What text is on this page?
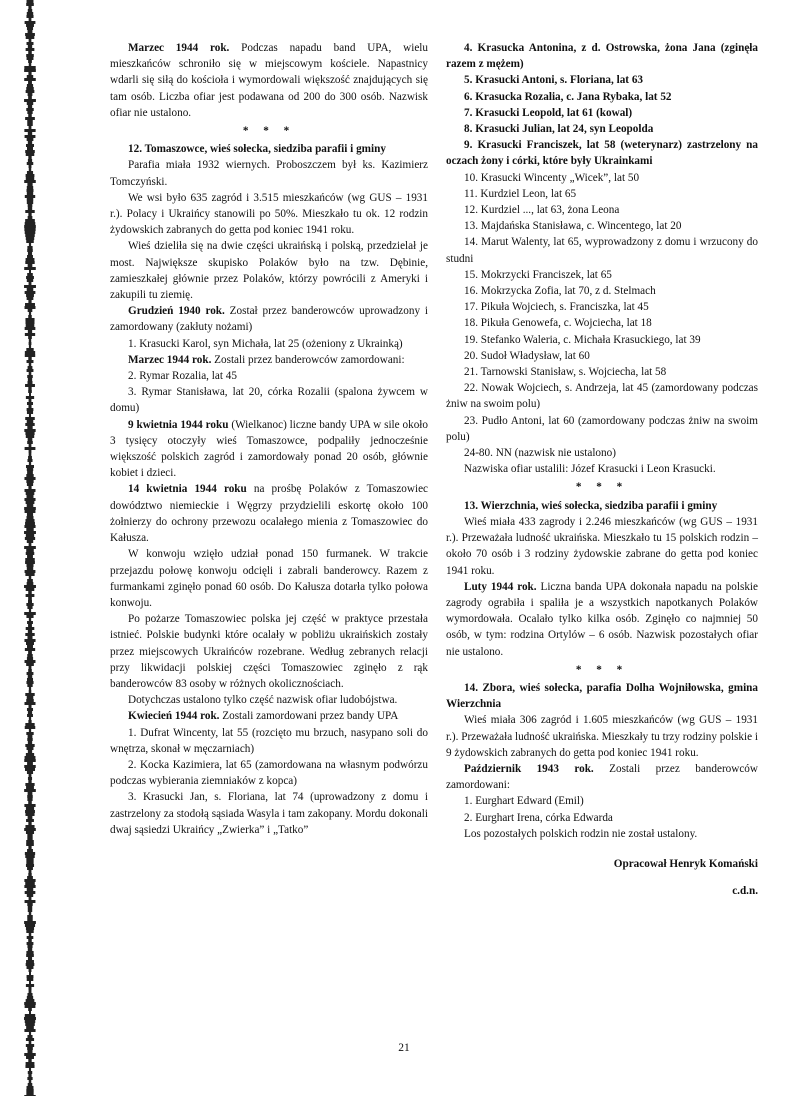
Marzec 1944 rok. Podczas napadu band UPA, wielu mieszkańców schroniło się w miejscowym kościele. Napastnicy wdarli się siłą do kościoła i wymordowali większość znajdujących się tam osób. Liczba ofiar jest podawana od 200 do 300 osób. Nazwisk ofiar nie ustalono.

* * *

12. Tomaszowce, wieś sołecka, siedziba parafii i gminy

Parafia miała 1932 wiernych. Proboszczem był ks. Kazimierz Tomczyński.

We wsi było 635 zagród i 3.515 mieszkańców (wg GUS – 1931 r.). Polacy i Ukraińcy stanowili po 50%. Mieszkało tu ok. 12 rodzin żydowskich zabranych do getta pod koniec 1941 roku.

Wieś dzieliła się na dwie części ukraińską i polską, przedzielał je most. Największe skupisko Polaków było na tzw. Dębinie, zamieszkałej głównie przez Polaków, którzy powrócili z Ameryki i zakupili tu ziemię.

Grudzień 1940 rok. Został przez banderowców uprowadzony i zamordowany (zakłuty nożami)

1. Krasucki Karol, syn Michała, lat 25 (ożeniony z Ukrainką)

Marzec 1944 rok. Zostali przez banderowców zamordowani:

2. Rymar Rozalia, lat 45

3. Rymar Stanisława, lat 20, córka Rozalii (spalona żywcem w domu)

9 kwietnia 1944 roku (Wielkanoc) liczne bandy UPA w sile około 3 tysięcy otoczyły wieś Tomaszowce, podpaliły jednocześnie większość polskich zagród i zamordowały ponad 20 osób, głównie kobiet i dzieci.

14 kwietnia 1944 roku na prośbę Polaków z Tomaszowiec dowództwo niemieckie i Węgrzy przydzielili eskortę około 100 żołnierzy do ochrony przewozu ocalałego mienia z Tomaszowiec do Kałusza.

W konwoju wzięło udział ponad 150 furmanek. W trakcie przejazdu połowę konwoju odcięli i zabrali banderowcy. Razem z furmankami zginęło ponad 60 osób. Do Kałusza dotarła tylko połowa konwoju.

Po pożarze Tomaszowiec polska jej część w praktyce przestała istnieć. Polskie budynki które ocalały w pobliżu ukraińskich zostały przez miejscowych Ukraińców rozebrane. Według zebranych relacji przy likwidacji polskiej części Tomaszowiec zginęło z rąk banderowców 83 osoby w różnych okolicznościach.

Dotychczas ustalono tylko część nazwisk ofiar ludobójstwa.

Kwiecień 1944 rok. Zostali zamordowani przez bandy UPA

1. Dufrat Wincenty, lat 55 (rozcięto mu brzuch, nasypano soli do wnętrza, skonał w męczarniach)

2. Kocka Kazimiera, lat 65 (zamordowana na własnym podwórzu podczas wybierania ziemniaków z kopca)

3. Krasucki Jan, s. Floriana, lat 74 (uprowadzony z domu i zastrzelony za stodołą sąsiada Wasyla i tam zakopany. Mordu dokonali dwaj sąsiedzi Ukraińcy „Zwierka” i „Tatko”

4. Krasucka Antonina, z d. Ostrowska, żona Jana (zginęła razem z mężem)

5. Krasucki Antoni, s. Floriana, lat 63

6. Krasucka Rozalia, c. Jana Rybaka, lat 52

7. Krasucki Leopold, lat 61 (kowal)

8. Krasucki Julian, lat 24, syn Leopolda

9. Krasucki Franciszek, lat 58 (weterynarz) zastrzelony na oczach żony i córki, które były Ukrainkami

10. Krasucki Wincenty „Wicek”, lat 50

11. Kurdziel Leon, lat 65

12. Kurdziel ..., lat 63, żona Leona

13. Majdańska Stanisława, c. Wincentego, lat 20

14. Marut Walenty, lat 65, wyprowadzony z domu i wrzucony do studni

15. Mokrzycki Franciszek, lat 65

16. Mokrzycka Zofia, lat 70, z d. Stelmach

17. Pikuła Wojciech, s. Franciszka, lat 45

18. Pikuła Genowefa, c. Wojciecha, lat 18

19. Stefanko Waleria, c. Michała Krasuckiego, lat 39

20. Sudoł Władysław, lat 60

21. Tarnowski Stanisław, s. Wojciecha, lat 58

22. Nowak Wojciech, s. Andrzeja, lat 45 (zamordowany podczas żniw na swoim polu)

23. Pudło Antoni, lat 60 (zamordowany podczas żniw na swoim polu)

24-80. NN (nazwisk nie ustalono)

Nazwiska ofiar ustalili: Józef Krasucki i Leon Krasucki.

* * *

13. Wierzchnia, wieś sołecka, siedziba parafii i gminy

Wieś miała 433 zagrody i 2.246 mieszkańców (wg GUS – 1931 r.). Przeważała ludność ukraińska. Mieszkało tu 15 polskich rodzin – około 70 osób i 3 rodziny żydowskie zabrane do getta pod koniec 1941 roku.

Luty 1944 rok. Liczna banda UPA dokonała napadu na polskie zagrody ograbiła i spaliła je a wszystkich napotkanych Polaków wymordowała. Ocalało tylko kilka osób. Zginęło co najmniej 50 osób, w tym: rodzina Ortylów – 6 osób. Nazwisk pozostałych ofiar nie ustalono.

* * *

14. Zbora, wieś sołecka, parafia Dolha Wojniłowska, gmina Wierzchnia

Wieś miała 306 zagród i 1.605 mieszkańców (wg GUS – 1931 r.). Przeważała ludność ukraińska. Mieszkały tu trzy rodziny polskie i 9 żydowskich zabranych do getta pod koniec 1941 roku.

Październik 1943 rok. Zostali przez banderowców zamordowani:

1. Eurghart Edward (Emil)

2. Eurghart Irena, córka Edwarda

Los pozostałych polskich rodzin nie został ustalony.

Opracował Henryk Komański

c.d.n.

21
